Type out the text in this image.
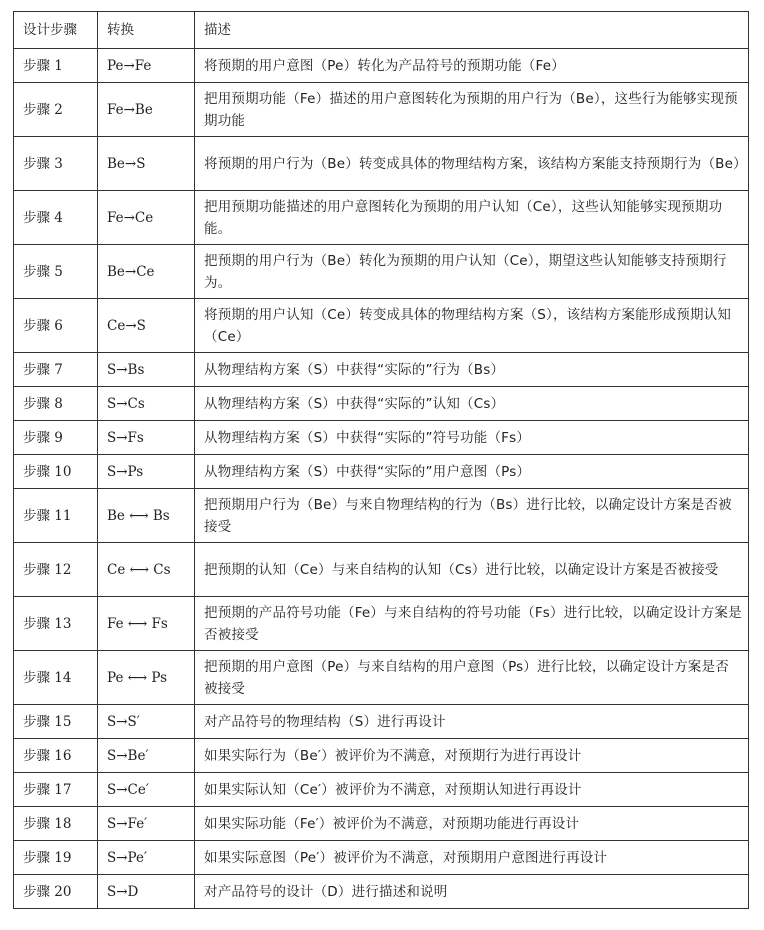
设计步骤	转换	描述
步骤 1	Pe→Fe	将预期的用户意图（Pe）转化为产品符号的预期功能（Fe）
步骤 2	Fe→Be	把用预期功能（Fe）描述的用户意图转化为预期的用户行为（Be），这些行为能够实现预期功能
步骤 3	Be→S	将预期的用户行为（Be）转变成具体的物理结构方案，该结构方案能支持预期行为（Be）
步骤 4	Fe→Ce	把用预期功能描述的用户意图转化为预期的用户认知（Ce），这些认知能够实现预期功能。
步骤 5	Be→Ce	把预期的用户行为（Be）转化为预期的用户认知（Ce），期望这些认知能够支持预期行为。
步骤 6	Ce→S	将预期的用户认知（Ce）转变成具体的物理结构方案（S），该结构方案能形成预期认知（Ce）
步骤 7	S→Bs	从物理结构方案（S）中获得“实际的”行为（Bs）
步骤 8	S→Cs	从物理结构方案（S）中获得“实际的”认知（Cs）
步骤 9	S→Fs	从物理结构方案（S）中获得“实际的”符号功能（Fs）
步骤 10	S→Ps	从物理结构方案（S）中获得“实际的”用户意图（Ps）
步骤 11	Be ⟷ Bs	把预期用户行为（Be）与来自物理结构的行为（Bs）进行比较，以确定设计方案是否被接受
步骤 12	Ce ⟷ Cs	把预期的认知（Ce）与来自结构的认知（Cs）进行比较，以确定设计方案是否被接受
步骤 13	Fe ⟷ Fs	把预期的产品符号功能（Fe）与来自结构的符号功能（Fs）进行比较，以确定设计方案是否被接受
步骤 14	Pe ⟷ Ps	把预期的用户意图（Pe）与来自结构的用户意图（Ps）进行比较，以确定设计方案是否被接受
步骤 15	S→S′	对产品符号的物理结构（S）进行再设计
步骤 16	S→Be′	如果实际行为（Be′）被评价为不满意，对预期行为进行再设计
步骤 17	S→Ce′	如果实际认知（Ce′）被评价为不满意，对预期认知进行再设计
步骤 18	S→Fe′	如果实际功能（Fe′）被评价为不满意，对预期功能进行再设计
步骤 19	S→Pe′	如果实际意图（Pe′）被评价为不满意，对预期用户意图进行再设计
步骤 20	S→D	对产品符号的设计（D）进行描述和说明
